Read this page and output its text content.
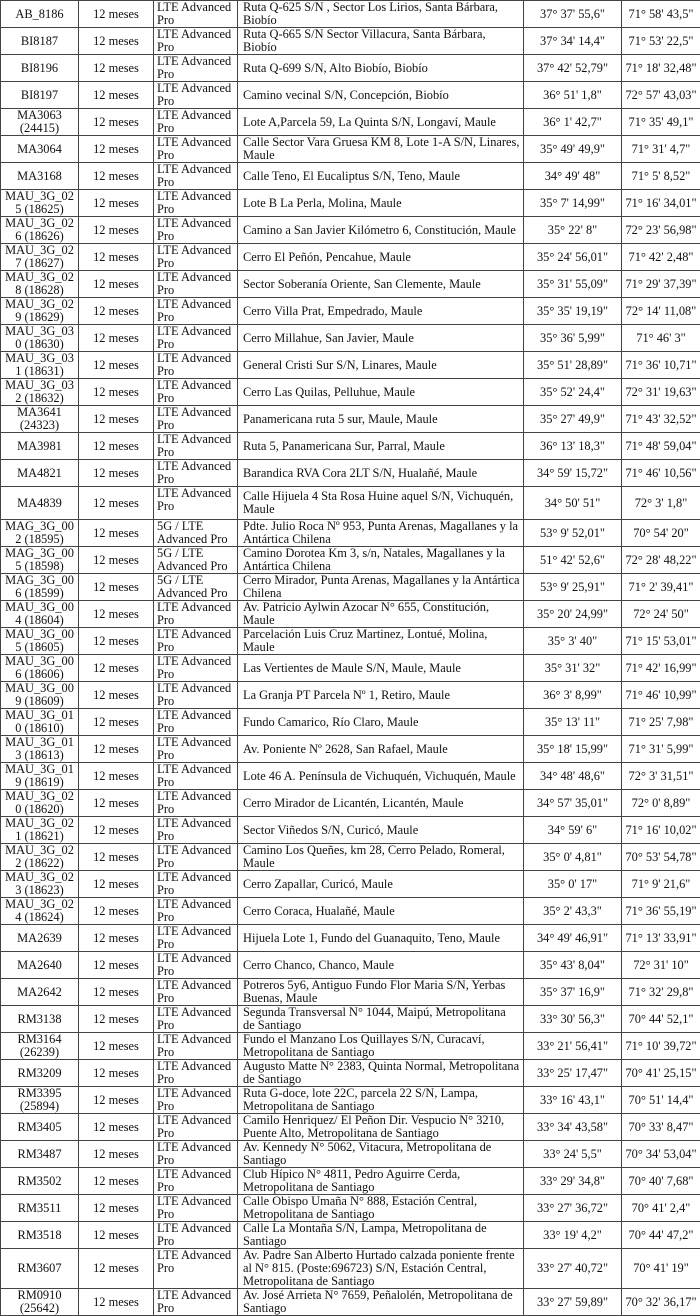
AB_8186	12 meses	LTE Advanced Pro	Ruta Q-625 S/N , Sector Los Lirios, Santa Bárbara, Biobío	37° 37' 55,6"	71° 58' 43,5"
BI8187	12 meses	LTE Advanced Pro	Ruta Q-665 S/N Sector Villacura, Santa Bárbara, Biobío	37° 34' 14,4"	71° 53' 22,5"
BI8196	12 meses	LTE Advanced Pro	Ruta Q-699 S/N, Alto Biobío, Biobío	37° 42' 52,79"	71° 18' 32,48"
BI8197	12 meses	LTE Advanced Pro	Camino vecinal S/N, Concepción, Biobío	36° 51' 1,8"	72° 57' 43,03"
MA3063 (24415)	12 meses	LTE Advanced Pro	Lote A,Parcela 59, La Quinta S/N, Longaví, Maule	36° 1' 42,7"	71° 35' 49,1"
MA3064	12 meses	LTE Advanced Pro	Calle Sector Vara Gruesa KM 8, Lote 1-A S/N, Linares, Maule	35° 49' 49,9"	71° 31' 4,7"
MA3168	12 meses	LTE Advanced Pro	Calle Teno, El Eucaliptus S/N, Teno, Maule	34° 49' 48"	71° 5' 8,52"
MAU_3G_025 (18625)	12 meses	LTE Advanced Pro	Lote B La Perla, Molina, Maule	35° 7' 14,99"	71° 16' 34,01"
MAU_3G_026 (18626)	12 meses	LTE Advanced Pro	Camino a San Javier Kilómetro 6, Constitución, Maule	35° 22' 8"	72° 23' 56,98"
MAU_3G_027 (18627)	12 meses	LTE Advanced Pro	Cerro El Peñón, Pencahue, Maule	35° 24' 56,01"	71° 42' 2,48"
MAU_3G_028 (18628)	12 meses	LTE Advanced Pro	Sector Soberanía Oriente, San Clemente, Maule	35° 31' 55,09"	71° 29' 37,39"
MAU_3G_029 (18629)	12 meses	LTE Advanced Pro	Cerro Villa Prat, Empedrado, Maule	35° 35' 19,19"	72° 14' 11,08"
MAU_3G_030 (18630)	12 meses	LTE Advanced Pro	Cerro Millahue, San Javier, Maule	35° 36' 5,99"	71° 46' 3"
MAU_3G_031 (18631)	12 meses	LTE Advanced Pro	General Cristi Sur S/N, Linares, Maule	35° 51' 28,89"	71° 36' 10,71"
MAU_3G_032 (18632)	12 meses	LTE Advanced Pro	Cerro Las Quilas, Pelluhue, Maule	35° 52' 24,4"	72° 31' 19,63"
MA3641 (24323)	12 meses	LTE Advanced Pro	Panamericana ruta 5 sur, Maule, Maule	35° 27' 49,9"	71° 43' 32,52"
MA3981	12 meses	LTE Advanced Pro	Ruta 5, Panamericana Sur, Parral, Maule	36° 13' 18,3"	71° 48' 59,04"
MA4821	12 meses	LTE Advanced Pro	Barandica RVA Cora 2LT S/N, Hualañé, Maule	34° 59' 15,72"	71° 46' 10,56"
MA4839	12 meses	LTE Advanced Pro	Calle Hijuela 4 Sta Rosa Huine aquel S/N, Vichuquén, Maule	34° 50' 51"	72° 3' 1,8"
MAG_3G_002 (18595)	12 meses	5G / LTE Advanced Pro	Pdte. Julio Roca Nº 953, Punta Arenas, Magallanes y la Antártica Chilena	53° 9' 52,01"	70° 54' 20"
MAG_3G_005 (18598)	12 meses	5G / LTE Advanced Pro	Camino Dorotea Km 3, s/n, Natales, Magallanes y la Antártica Chilena	51° 42' 52,6"	72° 28' 48,22"
MAG_3G_006 (18599)	12 meses	5G / LTE Advanced Pro	Cerro Mirador, Punta Arenas, Magallanes y la Antártica Chilena	53° 9' 25,91"	71° 2' 39,41"
MAU_3G_004 (18604)	12 meses	LTE Advanced Pro	Av. Patricio Aylwin Azocar N° 655, Constitución, Maule	35° 20' 24,99"	72° 24' 50"
MAU_3G_005 (18605)	12 meses	LTE Advanced Pro	Parcelación Luis Cruz Martinez, Lontué, Molina, Maule	35° 3' 40"	71° 15' 53,01"
MAU_3G_006 (18606)	12 meses	LTE Advanced Pro	Las Vertientes de Maule S/N, Maule, Maule	35° 31' 32"	71° 42' 16,99"
MAU_3G_009 (18609)	12 meses	LTE Advanced Pro	La Granja PT Parcela Nº 1, Retiro, Maule	36° 3' 8,99"	71° 46' 10,99"
MAU_3G_010 (18610)	12 meses	LTE Advanced Pro	Fundo Camarico, Río Claro, Maule	35° 13' 11"	71° 25' 7,98"
MAU_3G_013 (18613)	12 meses	LTE Advanced Pro	Av. Poniente Nº 2628, San Rafael, Maule	35° 18' 15,99"	71° 31' 5,99"
MAU_3G_019 (18619)	12 meses	LTE Advanced Pro	Lote 46 A. Península de Vichuquén, Vichuquén, Maule	34° 48' 48,6"	72° 3' 31,51"
MAU_3G_020 (18620)	12 meses	LTE Advanced Pro	Cerro Mirador de Licantén, Licantén, Maule	34° 57' 35,01"	72° 0' 8,89"
MAU_3G_021 (18621)	12 meses	LTE Advanced Pro	Sector Viñedos S/N, Curicó, Maule	34° 59' 6"	71° 16' 10,02"
MAU_3G_022 (18622)	12 meses	LTE Advanced Pro	Camino Los Queñes, km 28, Cerro Pelado, Romeral, Maule	35° 0' 4,81"	70° 53' 54,78"
MAU_3G_023 (18623)	12 meses	LTE Advanced Pro	Cerro Zapallar, Curicó, Maule	35° 0' 17"	71° 9' 21,6"
MAU_3G_024 (18624)	12 meses	LTE Advanced Pro	Cerro Coraca, Hualañé, Maule	35° 2' 43,3"	71° 36' 55,19"
MA2639	12 meses	LTE Advanced Pro	Hijuela Lote 1, Fundo del Guanaquito, Teno, Maule	34° 49' 46,91"	71° 13' 33,91"
MA2640	12 meses	LTE Advanced Pro	Cerro Chanco, Chanco, Maule	35° 43' 8,04"	72° 31' 10"
MA2642	12 meses	LTE Advanced Pro	Potreros 5y6, Antiguo Fundo Flor Maria S/N, Yerbas Buenas, Maule	35° 37' 16,9"	71° 32' 29,8"
RM3138	12 meses	LTE Advanced Pro	Segunda Transversal N° 1044, Maipú, Metropolitana de Santiago	33° 30' 56,3"	70° 44' 52,1"
RM3164 (26239)	12 meses	LTE Advanced Pro	Fundo el Manzano Los Quillayes S/N, Curacaví, Metropolitana de Santiago	33° 21' 56,41"	71° 10' 39,72"
RM3209	12 meses	LTE Advanced Pro	Augusto Matte N° 2383, Quinta Normal, Metropolitana de Santiago	33° 25' 17,47"	70° 41' 25,15"
RM3395 (25894)	12 meses	LTE Advanced Pro	Ruta G-doce, lote 22C, parcela 22 S/N, Lampa, Metropolitana de Santiago	33° 16' 43,1"	70° 51' 14,4"
RM3405	12 meses	LTE Advanced Pro	Camilo Henriquez/ El Peñon Dir. Vespucio N° 3210, Puente Alto, Metropolitana de Santiago	33° 34' 43,58"	70° 33' 8,47"
RM3487	12 meses	LTE Advanced Pro	Av. Kennedy N° 5062, Vitacura, Metropolitana de Santiago	33° 24' 5,5"	70° 34' 53,04"
RM3502	12 meses	LTE Advanced Pro	Club Hípico N° 4811, Pedro Aguirre Cerda, Metropolitana de Santiago	33° 29' 34,8"	70° 40' 7,68"
RM3511	12 meses	LTE Advanced Pro	Calle Obispo Umaña N° 888, Estación Central, Metropolitana de Santiago	33° 27' 36,72"	70° 41' 2,4"
RM3518	12 meses	LTE Advanced Pro	Calle La Montaña S/N, Lampa, Metropolitana de Santiago	33° 19' 4,2"	70° 44' 47,2"
RM3607	12 meses	LTE Advanced Pro	Av. Padre San Alberto Hurtado calzada poniente frente al N° 815. (Poste:696723) S/N, Estación Central, Metropolitana de Santiago	33° 27' 40,72"	70° 41' 19"
RM0910 (25642)	12 meses	LTE Advanced Pro	Av. José Arrieta N° 7659, Peñalolén, Metropolitana de Santiago	33° 27' 59,89"	70° 32' 36,17"
